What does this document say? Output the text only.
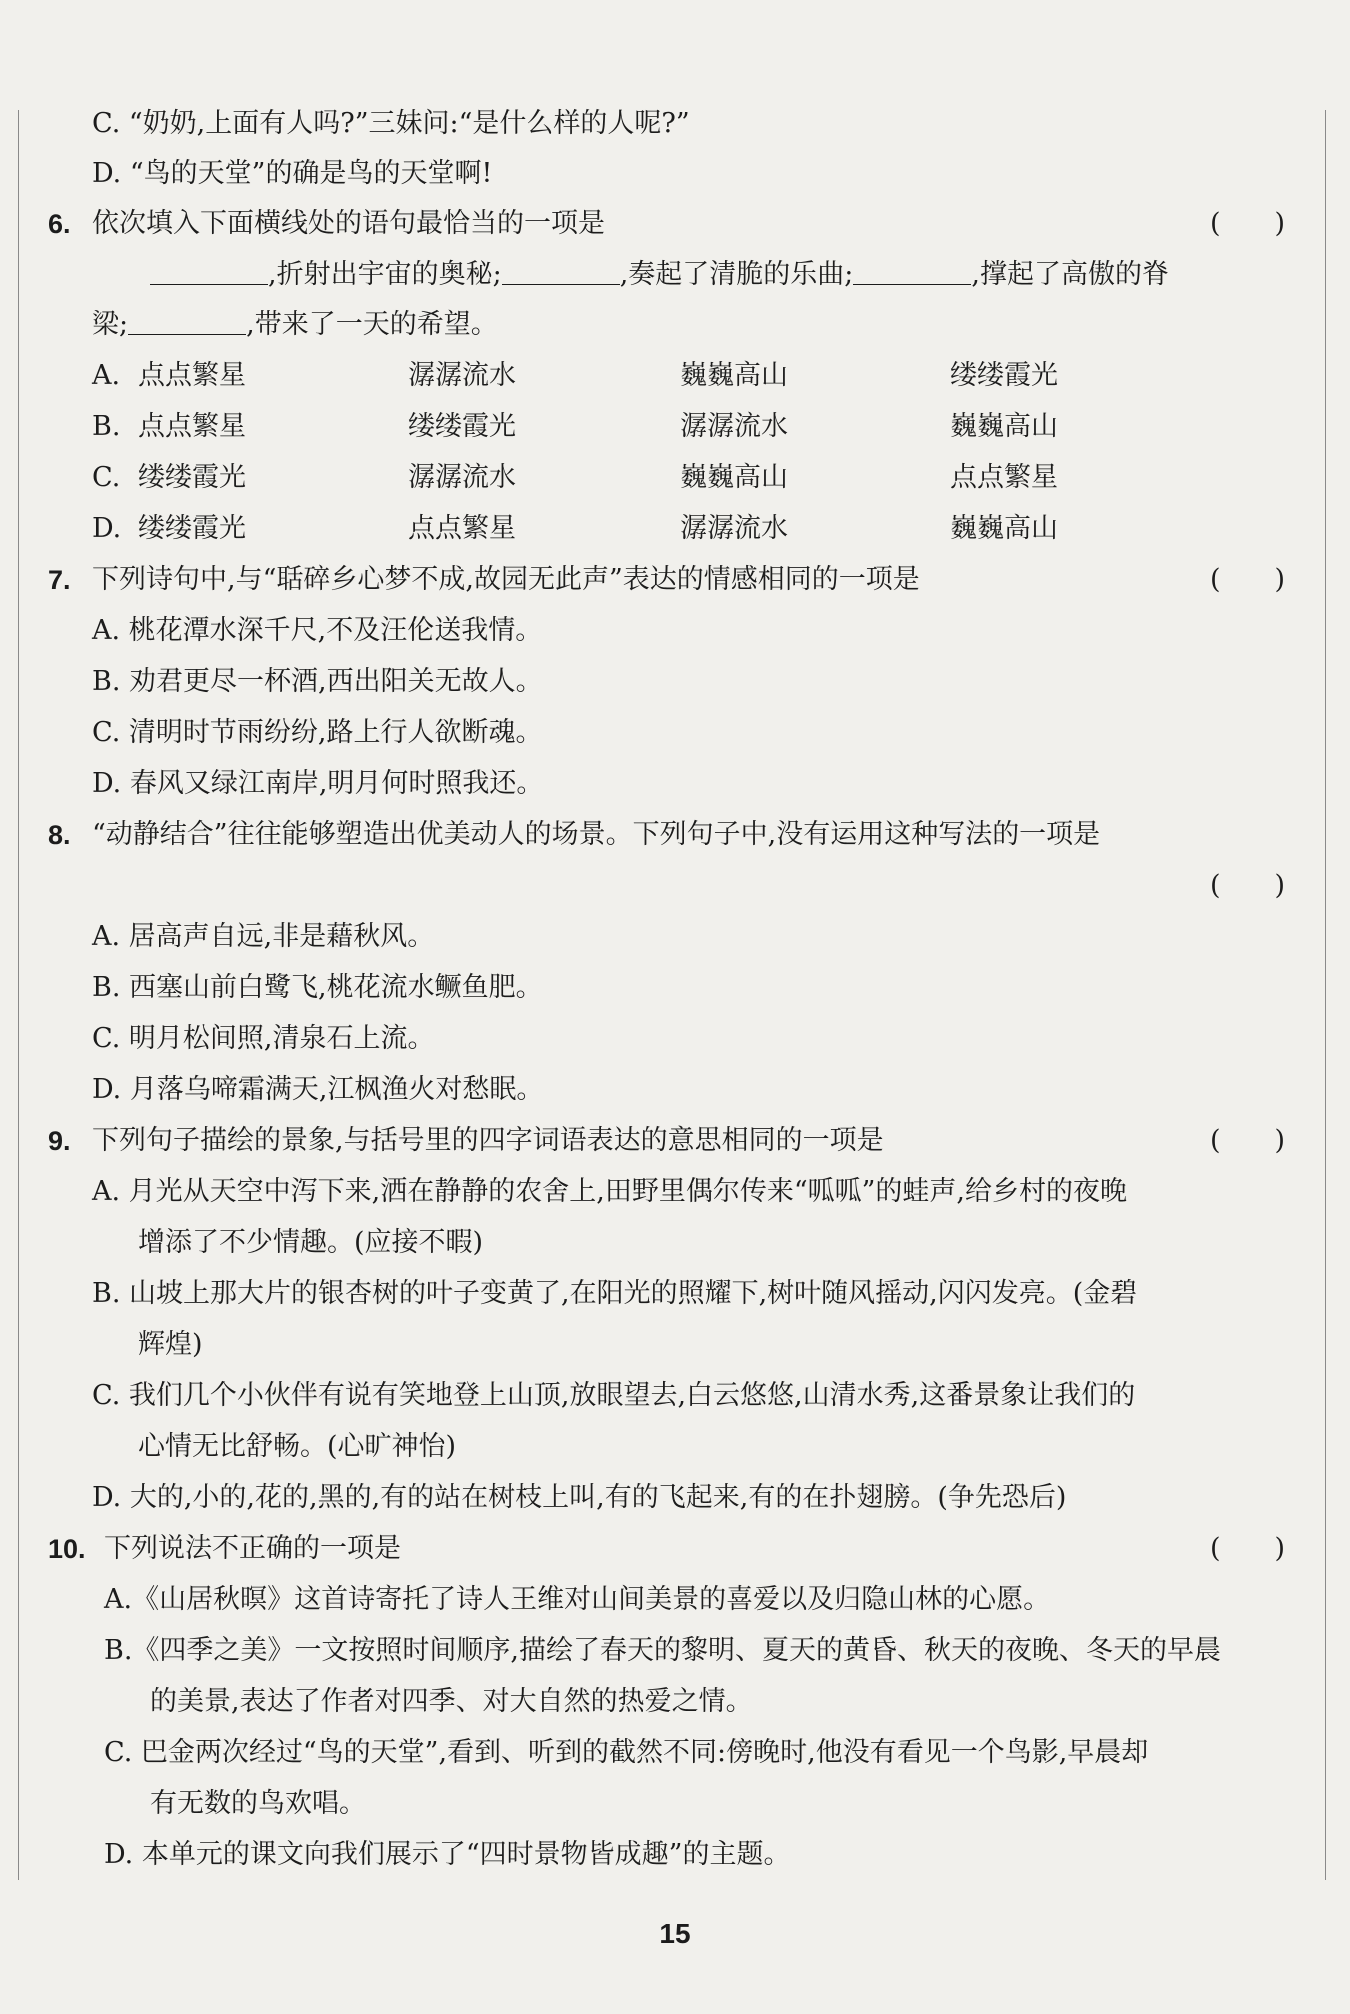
C. “奶奶,上面有人吗?”三妹问:“是什么样的人呢?”
D. “鸟的天堂”的确是鸟的天堂啊!
6. 依次填入下面横线处的语句最恰当的一项是	(　　)
,折射出宇宙的奥秘;	,奏起了清脆的乐曲;	,撑起了高傲的脊
梁;	,带来了一天的希望。
A. 点点繁星	潺潺流水	巍巍高山	缕缕霞光
B. 点点繁星	缕缕霞光	潺潺流水	巍巍高山
C. 缕缕霞光	潺潺流水	巍巍高山	点点繁星
D. 缕缕霞光	点点繁星	潺潺流水	巍巍高山
7. 下列诗句中,与“聒碎乡心梦不成,故园无此声”表达的情感相同的一项是	(　　)
A. 桃花潭水深千尺,不及汪伦送我情。
B. 劝君更尽一杯酒,西出阳关无故人。
C. 清明时节雨纷纷,路上行人欲断魂。
D. 春风又绿江南岸,明月何时照我还。
8. “动静结合”往往能够塑造出优美动人的场景。下列句子中,没有运用这种写法的一项是
(　　)
A. 居高声自远,非是藉秋风。
B. 西塞山前白鹭飞,桃花流水鳜鱼肥。
C. 明月松间照,清泉石上流。
D. 月落乌啼霜满天,江枫渔火对愁眠。
9. 下列句子描绘的景象,与括号里的四字词语表达的意思相同的一项是	(　　)
A. 月光从天空中泻下来,洒在静静的农舍上,田野里偶尔传来“呱呱”的蛙声,给乡村的夜晚
增添了不少情趣。(应接不暇)
B. 山坡上那大片的银杏树的叶子变黄了,在阳光的照耀下,树叶随风摇动,闪闪发亮。(金碧
辉煌)
C. 我们几个小伙伴有说有笑地登上山顶,放眼望去,白云悠悠,山清水秀,这番景象让我们的
心情无比舒畅。(心旷神怡)
D. 大的,小的,花的,黑的,有的站在树枝上叫,有的飞起来,有的在扑翅膀。(争先恐后)
10. 下列说法不正确的一项是	(　　)
A.《山居秋暝》这首诗寄托了诗人王维对山间美景的喜爱以及归隐山林的心愿。
B.《四季之美》一文按照时间顺序,描绘了春天的黎明、夏天的黄昏、秋天的夜晚、冬天的早晨
的美景,表达了作者对四季、对大自然的热爱之情。
C. 巴金两次经过“鸟的天堂”,看到、听到的截然不同:傍晚时,他没有看见一个鸟影,早晨却
有无数的鸟欢唱。
D. 本单元的课文向我们展示了“四时景物皆成趣”的主题。
15
